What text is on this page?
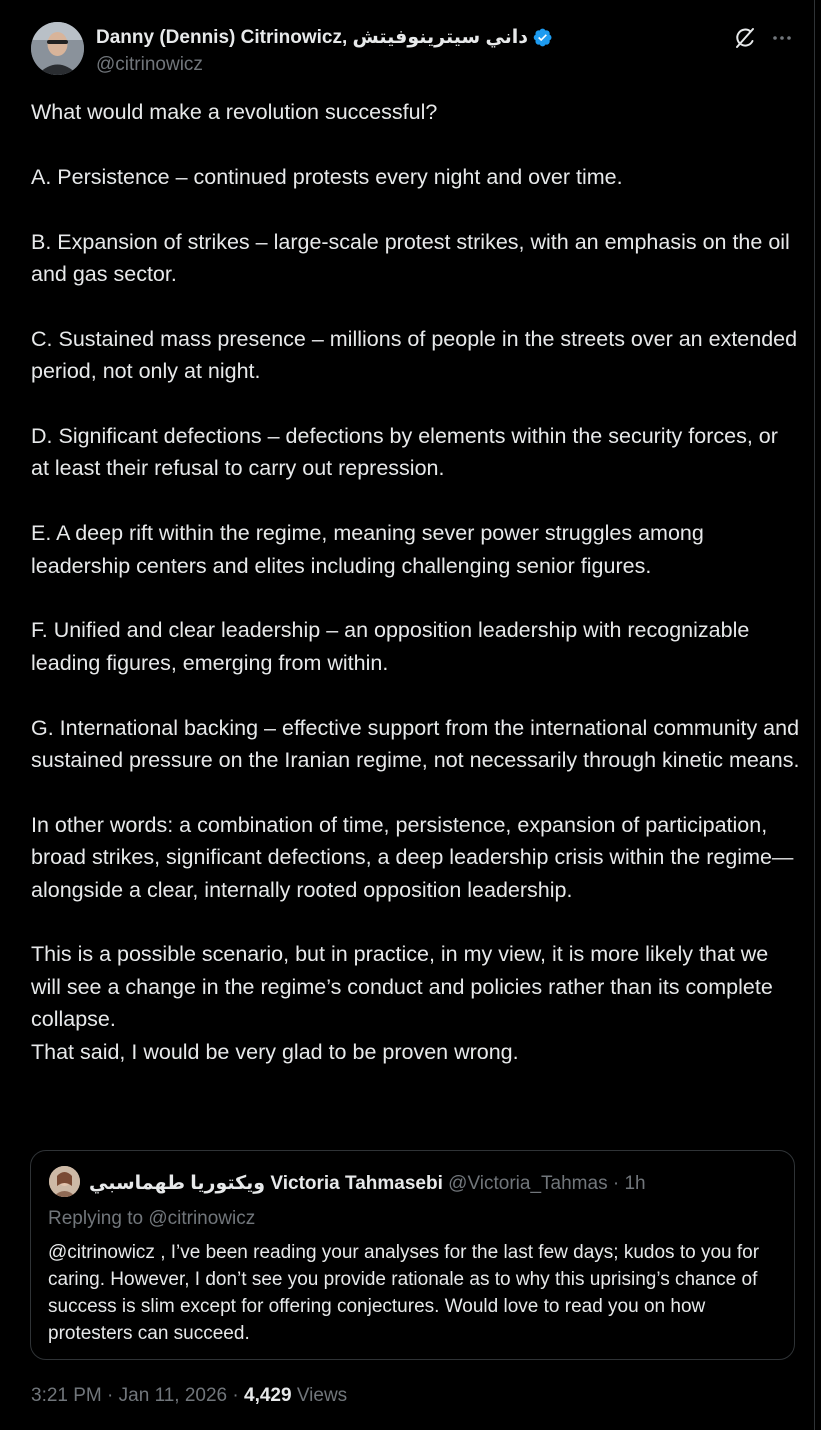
Danny (Dennis) Citrinowicz, داني سيترينوفيتش
@citrinowicz

What would make a revolution successful?

A. Persistence – continued protests every night and over time.

B. Expansion of strikes – large-scale protest strikes, with an emphasis on the oil and gas sector.

C. Sustained mass presence – millions of people in the streets over an extended period, not only at night.

D. Significant defections – defections by elements within the security forces, or at least their refusal to carry out repression.

E. A deep rift within the regime, meaning sever power struggles among leadership centers and elites including challenging senior figures.

F. Unified and clear leadership – an opposition leadership with recognizable leading figures, emerging from within.

G. International backing – effective support from the international community and sustained pressure on the Iranian regime, not necessarily through kinetic means.

In other words: a combination of time, persistence, expansion of participation, broad strikes, significant defections, a deep leadership crisis within the regime—alongside a clear, internally rooted opposition leadership.

This is a possible scenario, but in practice, in my view, it is more likely that we will see a change in the regime’s conduct and policies rather than its complete collapse.

That said, I would be very glad to be proven wrong.

ويكتوريا طهماسبي Victoria Tahmasebi @Victoria_Tahmas · 1h
Replying to @citrinowicz
@citrinowicz , I’ve been reading your analyses for the last few days; kudos to you for caring. However, I don’t see you provide rationale as to why this uprising’s chance of success is slim except for offering conjectures. Would love to read you on how protesters can succeed.
3:21 PM · Jan 11, 2026 · 4,429 Views
